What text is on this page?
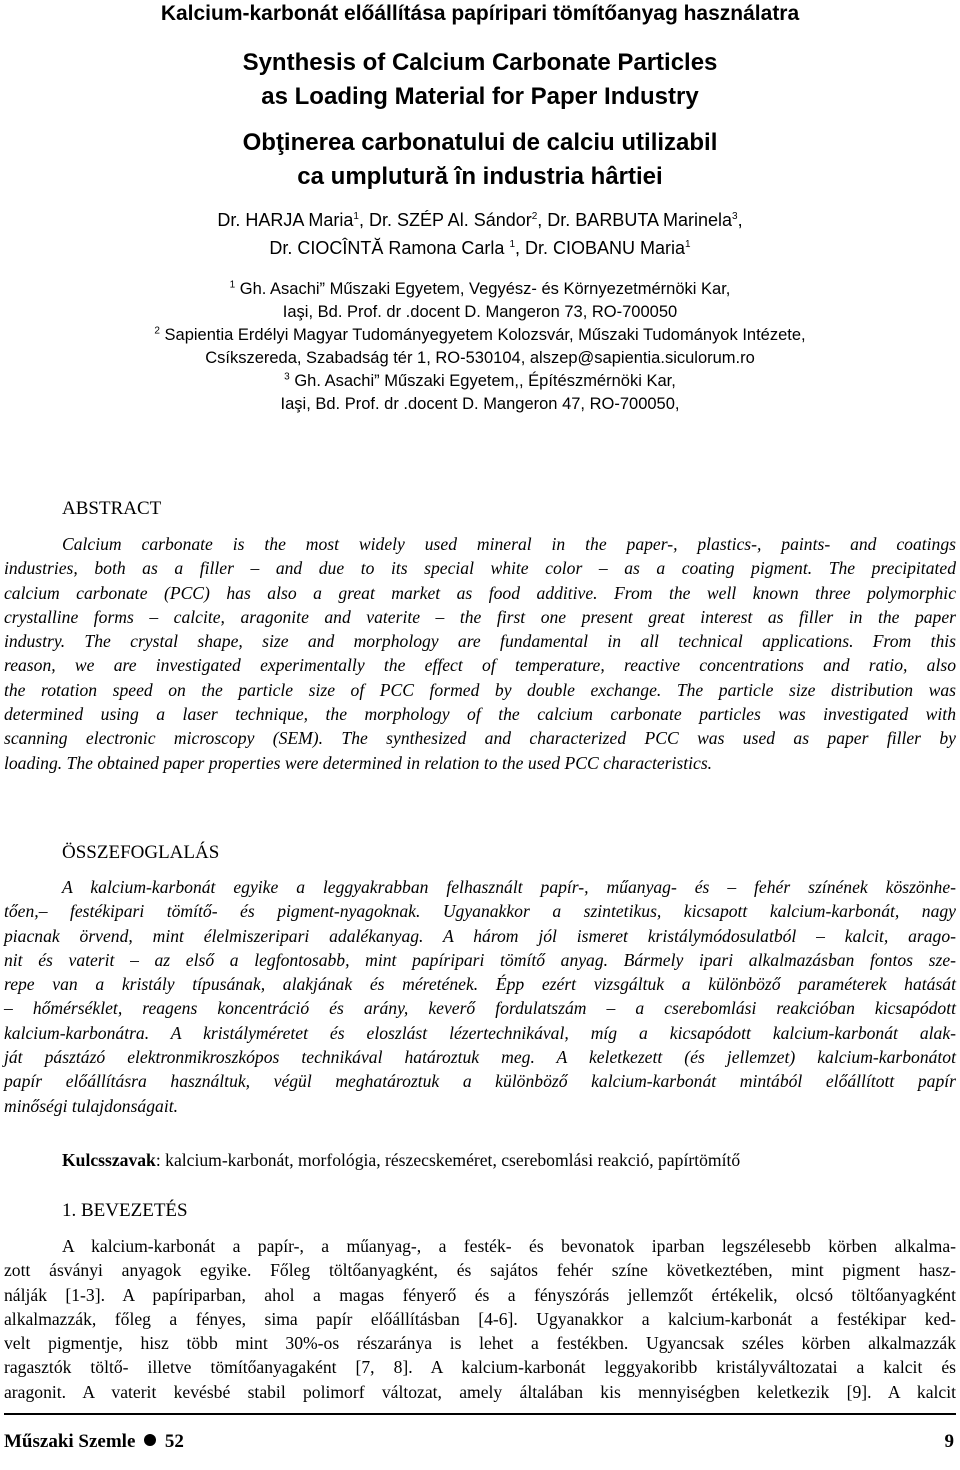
Kalcium-karbonát előállítása papíripari tömítőanyag használatra
Synthesis of Calcium Carbonate Particles
as Loading Material for Paper Industry
Obţinerea carbonatului de calciu utilizabil
ca umplutură în industria hârtiei
Dr. HARJA Maria$^1$, Dr. SZÉP Al. Sándor$^2$, Dr. BARBUTA Marinela$^3$,
Dr. CIOCÎNTĂ Ramona Carla $^1$, Dr. CIOBANU Maria$^1$
$^1$ Gh. Asachi” Műszaki Egyetem, Vegyész- és Környezetmérnöki Kar,
Iaşi, Bd. Prof. dr .docent D. Mangeron 73, RO-700050
$^2$ Sapientia Erdélyi Magyar Tudományegyetem Kolozsvár, Műszaki Tudományok Intézete,
Csíkszereda, Szabadság tér 1, RO-530104, alszep@sapientia.siculorum.ro
$^3$ Gh. Asachi” Műszaki Egyetem,, Építészmérnöki Kar,
Iaşi, Bd. Prof. dr .docent D. Mangeron 47, RO-700050,
ABSTRACT
Calcium carbonate is the most widely used mineral in the paper-, plastics-, paints- and coatings
industries, both as a filler – and due to its special white color – as a coating pigment. The precipitated
calcium carbonate (PCC) has also a great market as food additive. From the well known three polymorphic
crystalline forms – calcite, aragonite and vaterite – the first one present great interest as filler in the paper
industry. The crystal shape, size and morphology are fundamental in all technical applications. From this
reason, we are investigated experimentally the effect of temperature, reactive concentrations and ratio, also
the rotation speed on the particle size of PCC formed by double exchange. The particle size distribution was
determined using a laser technique, the morphology of the calcium carbonate particles was investigated with
scanning electronic microscopy (SEM). The synthesized and characterized PCC was used as paper filler by
loading. The obtained paper properties were determined in relation to the used PCC characteristics.
ÖSSZEFOGLALÁS
A kalcium-karbonát egyike a leggyakrabban felhasznált papír-, műanyag- és – fehér színének köszönhe-
tően,– festékipari tömítő- és pigment-nyagoknak. Ugyanakkor a szintetikus, kicsapott kalcium-karbonát, nagy
piacnak örvend, mint élelmiszeripari adalékanyag. A három jól ismeret kristálymódosulatból – kalcit, arago-
nit és vaterit – az első a legfontosabb, mint papíripari tömítő anyag. Bármely ipari alkalmazásban fontos sze-
repe van a kristály típusának, alakjának és méretének. Épp ezért vizsgáltuk a különböző paraméterek hatását
– hőmérséklet, reagens koncentráció és arány, keverő fordulatszám – a cserebomlási reakcióban kicsapódott
kalcium-karbonátra. A kristályméretet és eloszlást lézertechnikával, míg a kicsapódott kalcium-karbonát alak-
ját pásztázó elektronmikroszkópos technikával határoztuk meg. A keletkezett (és jellemzet) kalcium-karbonátot
papír előállításra használtuk, végül meghatároztuk a különböző kalcium-karbonát mintából előállított papír
minőségi tulajdonságait.
Kulcsszavak: kalcium-karbonát, morfológia, részecskeméret, cserebomlási reakció, papírtömítő
1. BEVEZETÉS
A kalcium-karbonát a papír-, a műanyag-, a festék- és bevonatok iparban legszélesebb körben alkalma-
zott ásványi anyagok egyike. Főleg töltőanyagként, és sajátos fehér színe következtében, mint pigment hasz-
nálják [1-3]. A papíriparban, ahol a magas fényerő és a fényszórás jellemzőt értékelik, olcsó töltőanyagként
alkalmazzák, főleg a fényes, sima papír előállításban [4-6]. Ugyanakkor a kalcium-karbonát a festékipar ked-
velt pigmentje, hisz több mint 30%-os részaránya is lehet a festékben. Ugyancsak széles körben alkalmazzák
ragasztók töltő- illetve tömítőanyagaként [7, 8]. A kalcium-karbonát leggyakoribb kristályváltozatai a kalcit és
aragonit. A vaterit kevésbé stabil polimorf változat, amely általában kis mennyiségben keletkezik [9]. A kalcit
Műszaki Szemle 52	9
